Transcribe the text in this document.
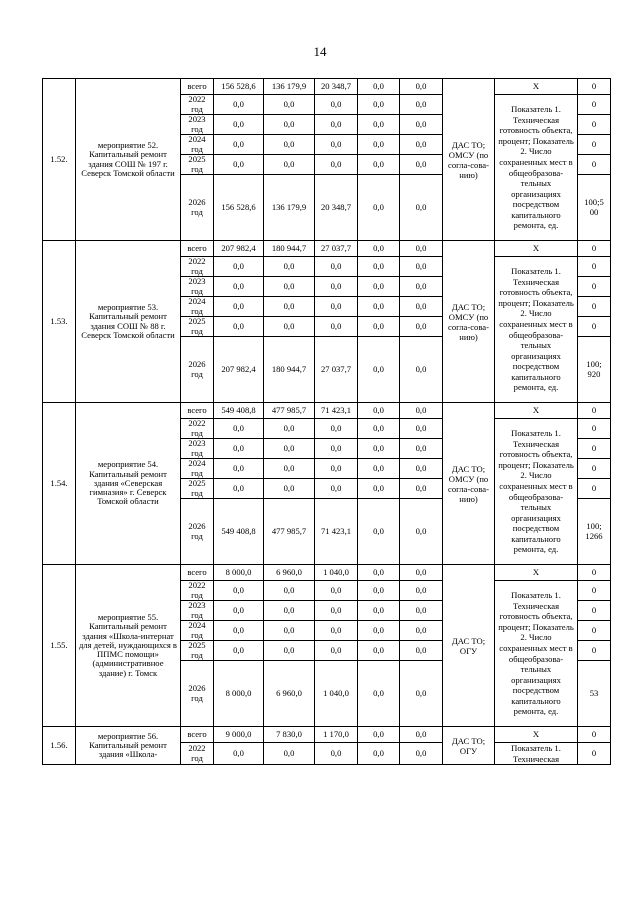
14
1.52.	мероприятие 52. Капитальный ремонт здания СОШ № 197 г. Северск Томской области	всего	156 528,6	136 179,9	20 348,7	0,0	0,0	ДАС ТО; ОМСУ (по согла-сова-нию)	X	0
		2022 год	0,0	0,0	0,0	0,0	0,0		Показатель 1. Техническая готовность объекта, процент; Показатель 2. Число сохраненных мест в общеобразова-тельных организациях посредством капитального ремонта, ед.	0
		2023 год	0,0	0,0	0,0	0,0	0,0			0
		2024 год	0,0	0,0	0,0	0,0	0,0			0
		2025 год	0,0	0,0	0,0	0,0	0,0			0
		2026 год	156 528,6	136 179,9	20 348,7	0,0	0,0			100;5 00
1.53.	мероприятие 53. Капитальный ремонт здания СОШ № 88 г. Северск Томской области	всего	207 982,4	180 944,7	27 037,7	0,0	0,0	ДАС ТО; ОМСУ (по согла-сова-нию)	X	0
		2022 год	0,0	0,0	0,0	0,0	0,0		Показатель 1. Техническая готовность объекта, процент; Показатель 2. Число сохраненных мест в общеобразова-тельных организациях посредством капитального ремонта, ед.	0
		2023 год	0,0	0,0	0,0	0,0	0,0			0
		2024 год	0,0	0,0	0,0	0,0	0,0			0
		2025 год	0,0	0,0	0,0	0,0	0,0			0
		2026 год	207 982,4	180 944,7	27 037,7	0,0	0,0			100; 920
1.54.	мероприятие 54. Капитальный ремонт здания «Северская гимназия» г. Северск Томской области	всего	549 408,8	477 985,7	71 423,1	0,0	0,0	ДАС ТО; ОМСУ (по согла-сова-нию)	X	0
		2022 год	0,0	0,0	0,0	0,0	0,0		Показатель 1. Техническая готовность объекта, процент; Показатель 2. Число сохраненных мест в общеобразова-тельных организациях посредством капитального ремонта, ед.	0
		2023 год	0,0	0,0	0,0	0,0	0,0			0
		2024 год	0,0	0,0	0,0	0,0	0,0			0
		2025 год	0,0	0,0	0,0	0,0	0,0			0
		2026 год	549 408,8	477 985,7	71 423,1	0,0	0,0			100; 1266
1.55.	мероприятие 55. Капитальный ремонт здания «Школа-интернат для детей, нуждающихся в ППМС помощи» (административное здание) г. Томск	всего	8 000,0	6 960,0	1 040,0	0,0	0,0	ДАС ТО; ОГУ	X	0
		2022 год	0,0	0,0	0,0	0,0	0,0		Показатель 1. Техническая готовность объекта, процент; Показатель 2. Число сохраненных мест в общеобразова-тельных организациях посредством капитального ремонта, ед.	0
		2023 год	0,0	0,0	0,0	0,0	0,0			0
		2024 год	0,0	0,0	0,0	0,0	0,0			0
		2025 год	0,0	0,0	0,0	0,0	0,0			0
		2026 год	8 000,0	6 960,0	1 040,0	0,0	0,0			53
1.56.	мероприятие 56. Капитальный ремонт здания «Школа-	всего	9 000,0	7 830,0	1 170,0	0,0	0,0	ДАС ТО; ОГУ	X	0
		2022 год	0,0	0,0	0,0	0,0	0,0		Показатель 1. Техническая	0
